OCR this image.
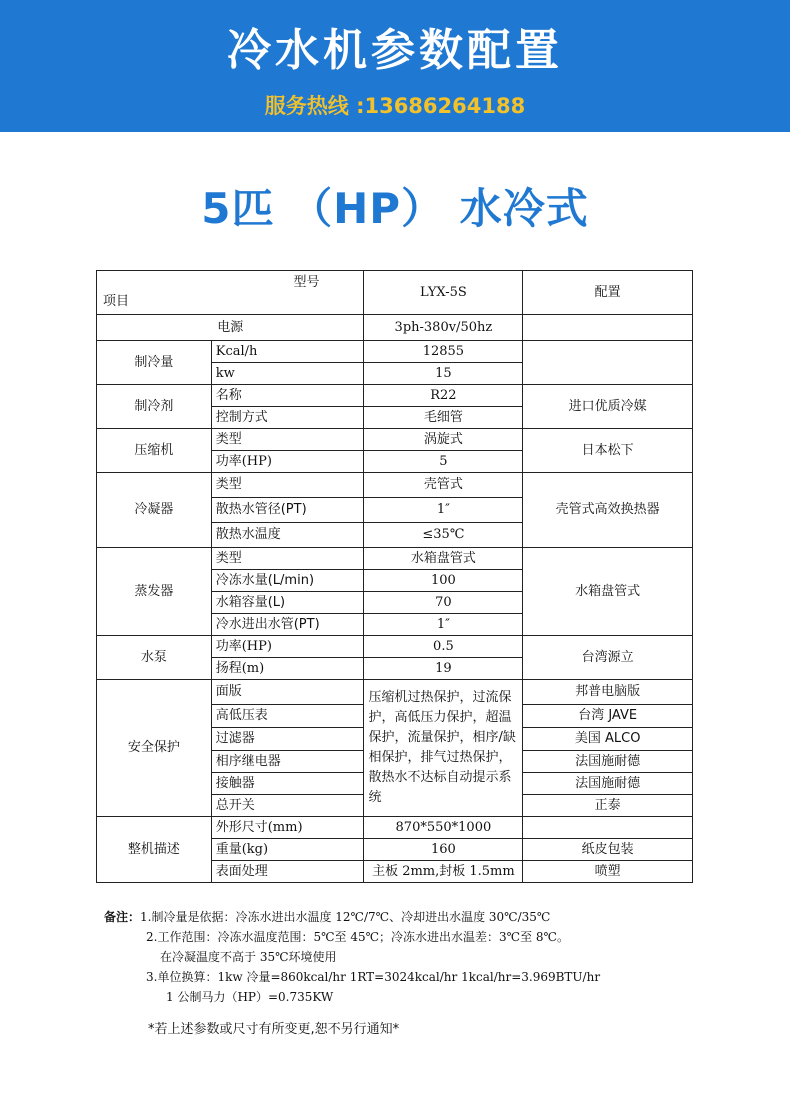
冷水机参数配置
服务热线 :13686264188
5匹 （HP） 水冷式
型号
项目		LYX-5S	配置
电源		3ph-380v/50hz	
制冷量	Kcal/h	12855	
	kw	15	
制冷剂	名称	R22	进口优质冷媒
	控制方式	毛细管	
压缩机	类型	涡旋式	日本松下
	功率(HP)	5	
冷凝器	类型	壳管式	壳管式高效换热器
	散热水管径(PT)	1″	
	散热水温度	≤35℃	
蒸发器	类型	水箱盘管式	水箱盘管式
	冷冻水量(L/min)	100	
	水箱容量(L)	70	
	冷水进出水管(PT)	1″	
水泵	功率(HP)	0.5	台湾源立
	扬程(m)	19	
安全保护	面版	压缩机过热保护，过流保护，高低压力保护，超温保护，流量保护，相序/缺相保护，排气过热保护，散热水不达标自动提示系统	邦普电脑版
	高低压表		台湾 JAVE
	过滤器		美国 ALCO
	相序继电器		法国施耐德
	接触器		法国施耐德
	总开关		正泰
整机描述	外形尺寸(mm)	870*550*1000	
	重量(kg)	160	纸皮包装
	表面处理	主板 2mm,封板 1.5mm	喷塑
备注：1.制冷量是依据：冷冻水进出水温度 12℃/7℃、冷却进出水温度 30℃/35℃
2.工作范围：冷冻水温度范围：5℃至 45℃；冷冻水进出水温差：3℃至 8℃。
在冷凝温度不高于 35℃环境使用
3.单位换算：1kw 冷量=860kcal/hr 1RT=3024kcal/hr 1kcal/hr=3.969BTU/hr
1 公制马力（HP）=0.735KW
*若上述参数或尺寸有所变更,恕不另行通知*
